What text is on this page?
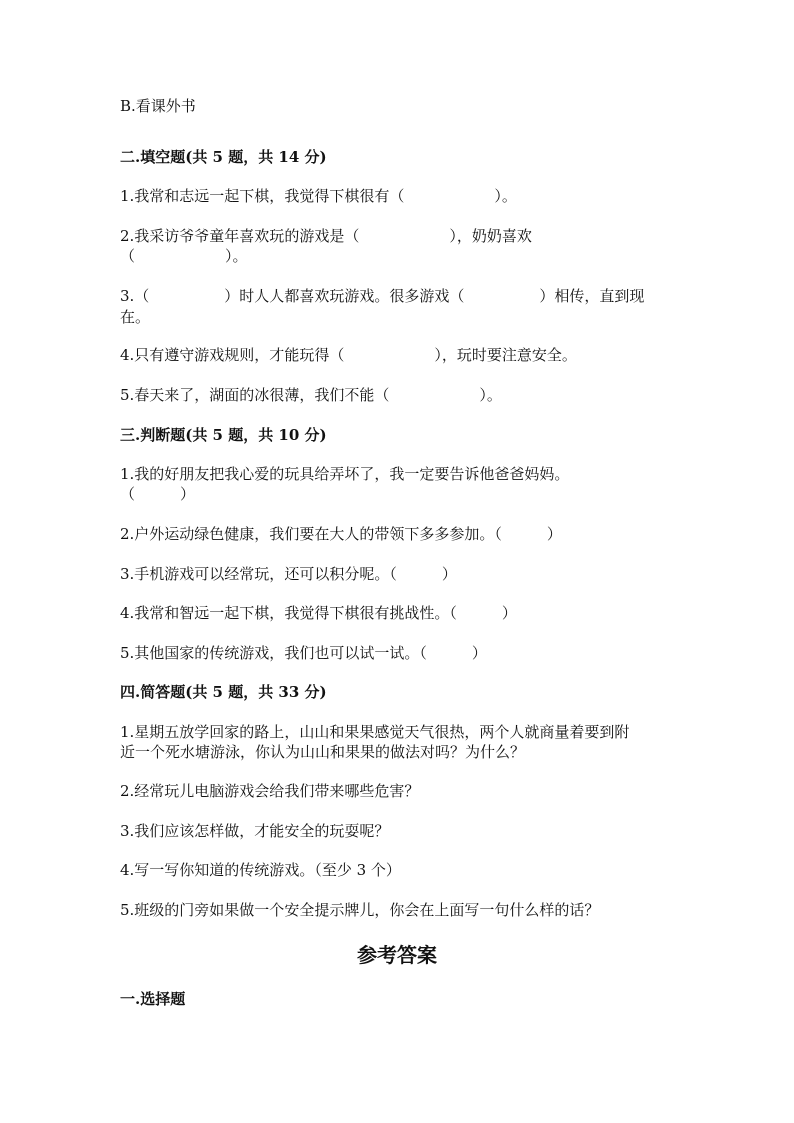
B.看课外书
二.填空题(共 5 题，共 14 分)
1.我常和志远一起下棋，我觉得下棋很有（　　　　　　）。
2.我采访爷爷童年喜欢玩的游戏是（　　　　　　），奶奶喜欢
（　　　　　　）。
3.（　　　　　）时人人都喜欢玩游戏。很多游戏（　　　　　）相传，直到现
在。
4.只有遵守游戏规则，才能玩得（　　　　　　），玩时要注意安全。
5.春天来了，湖面的冰很薄，我们不能（　　　　　　）。
三.判断题(共 5 题，共 10 分)
1.我的好朋友把我心爱的玩具给弄坏了，我一定要告诉他爸爸妈妈。
（　　　）
2.户外运动绿色健康，我们要在大人的带领下多多参加。（　　　）
3.手机游戏可以经常玩，还可以积分呢。（　　　）
4.我常和智远一起下棋，我觉得下棋很有挑战性。（　　　）
5.其他国家的传统游戏，我们也可以试一试。（　　　）
四.简答题(共 5 题，共 33 分)
1.星期五放学回家的路上，山山和果果感觉天气很热，两个人就商量着要到附
近一个死水塘游泳，你认为山山和果果的做法对吗？为什么？
2.经常玩儿电脑游戏会给我们带来哪些危害？
3.我们应该怎样做，才能安全的玩耍呢？
4.写一写你知道的传统游戏。（至少 3 个）
5.班级的门旁如果做一个安全提示牌儿，你会在上面写一句什么样的话？
参考答案
一.选择题
